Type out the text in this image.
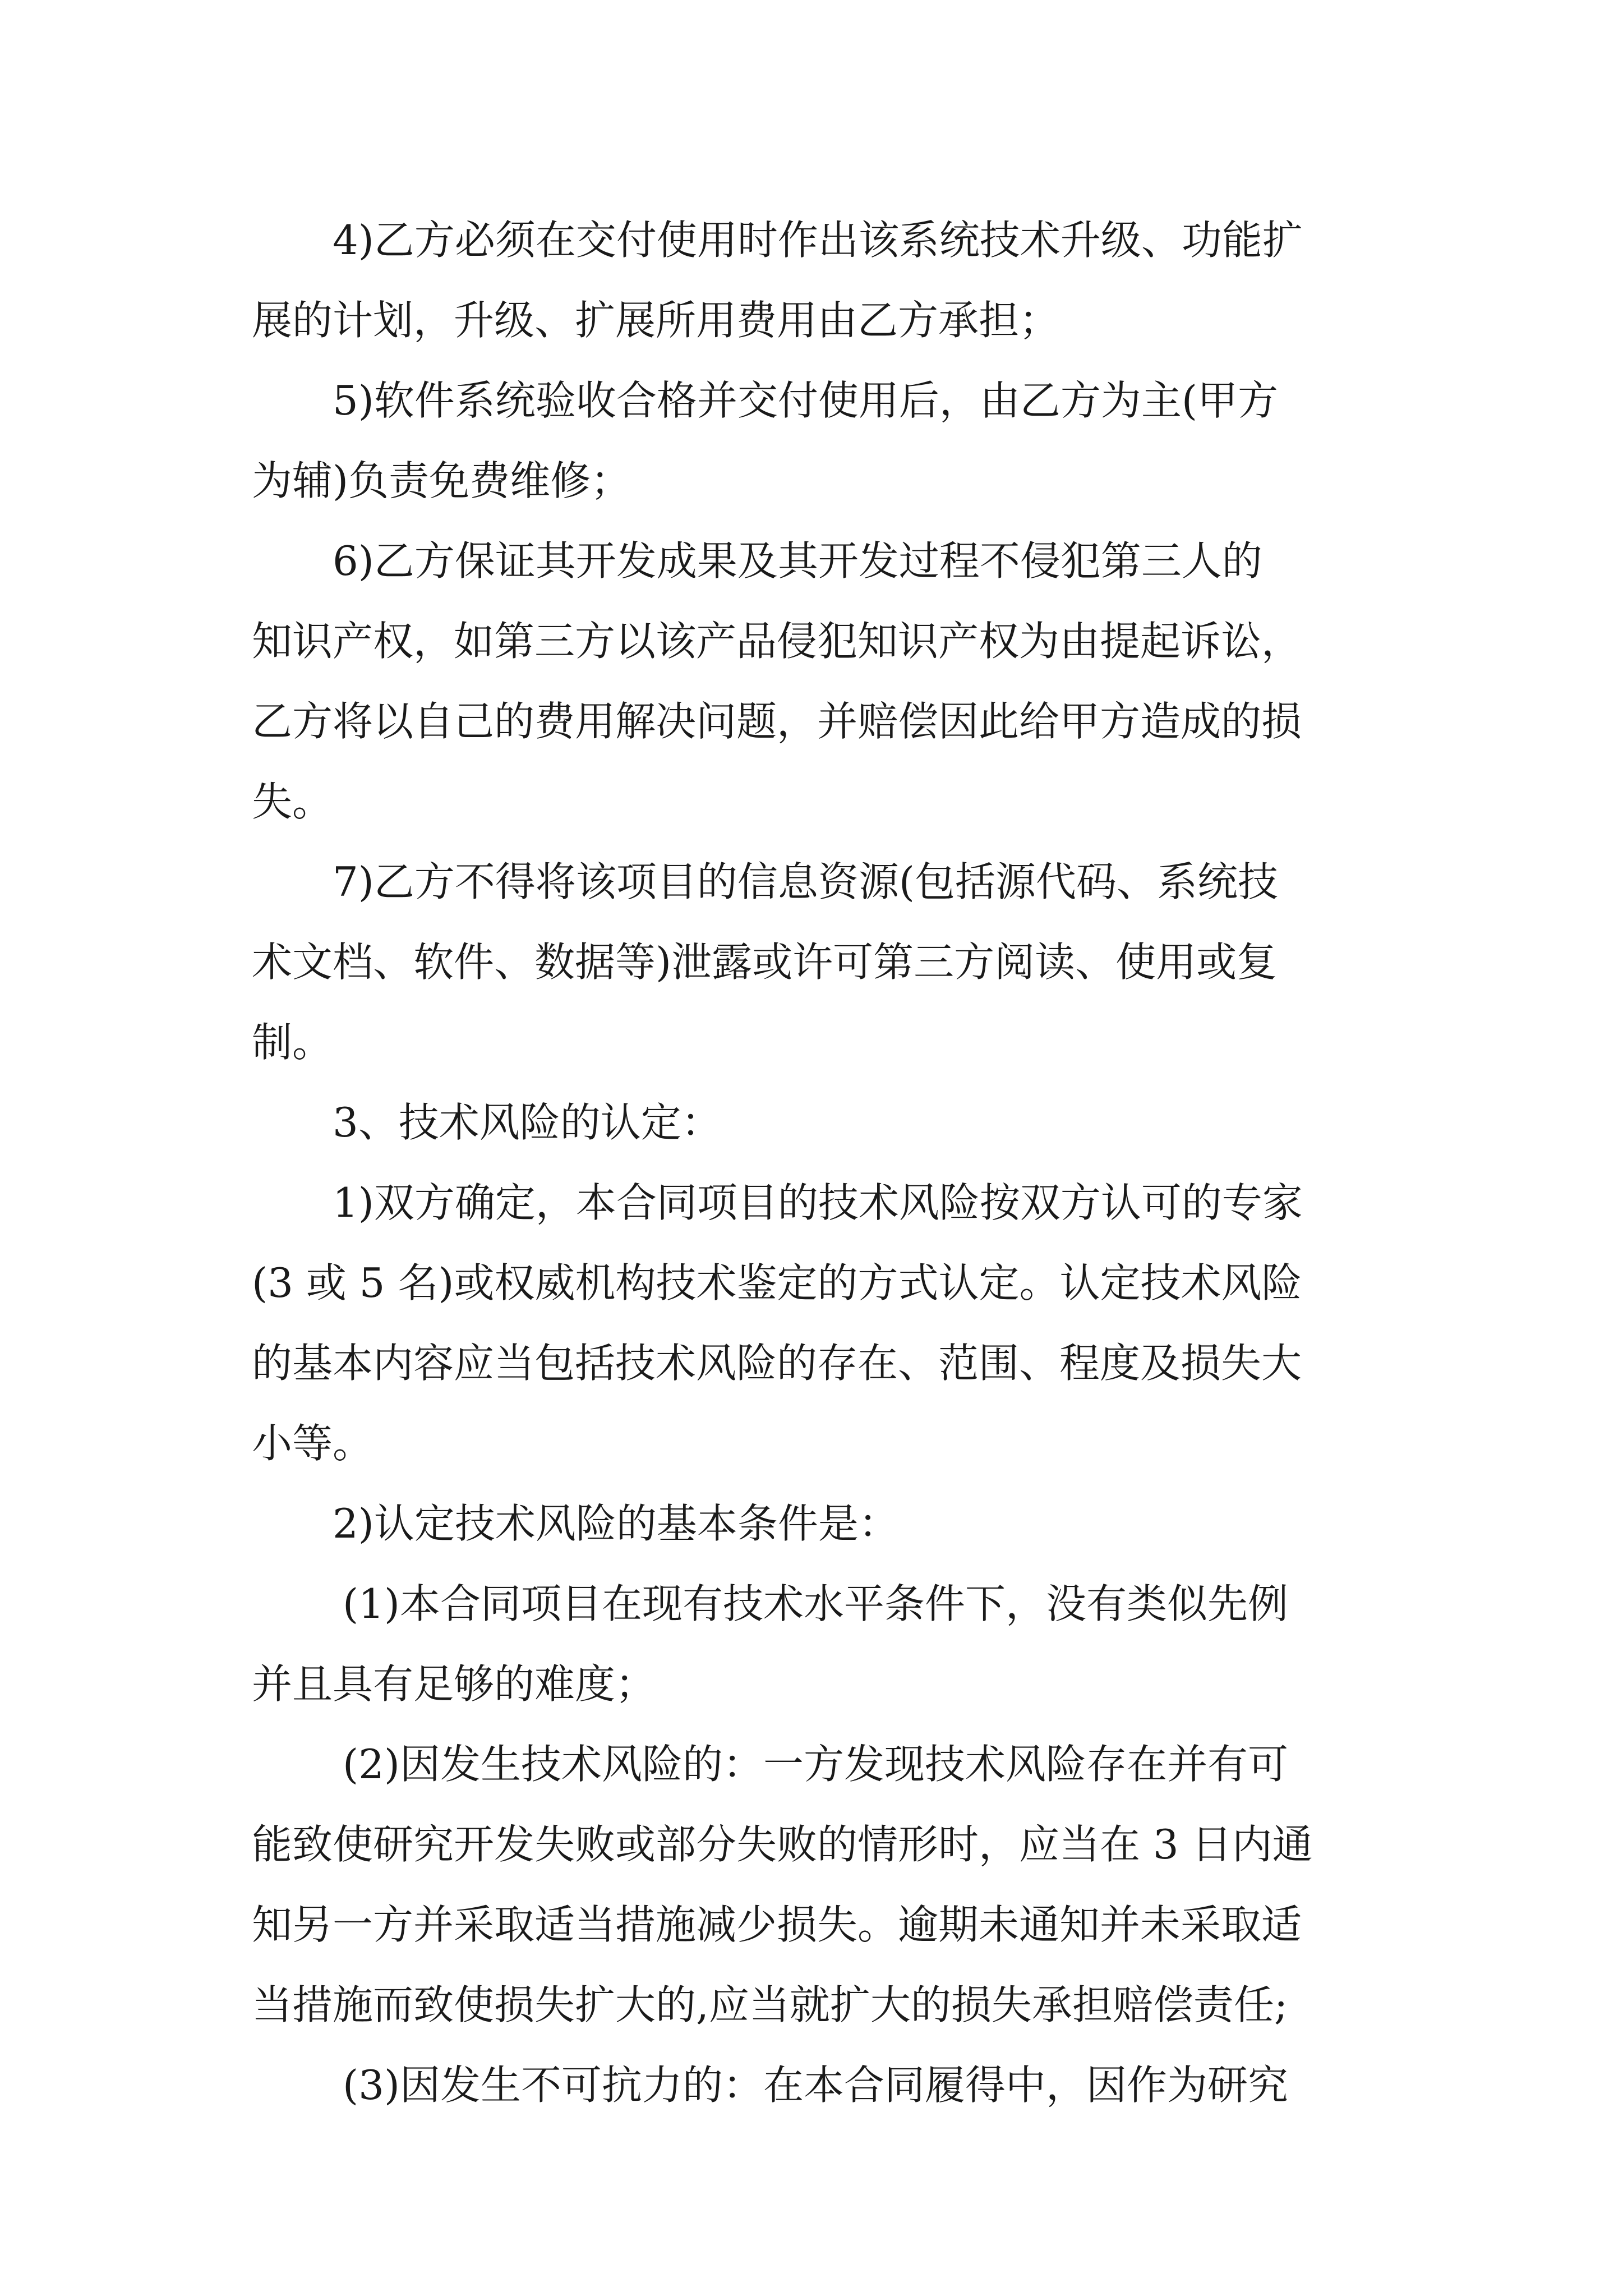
4)乙方必须在交付使用时作出该系统技术升级、功能扩

展的计划，升级、扩展所用费用由乙方承担；

5)软件系统验收合格并交付使用后，由乙方为主(甲方

为辅)负责免费维修；

6)乙方保证其开发成果及其开发过程不侵犯第三人的

知识产权，如第三方以该产品侵犯知识产权为由提起诉讼，

乙方将以自己的费用解决问题，并赔偿因此给甲方造成的损

失。

7)乙方不得将该项目的信息资源(包括源代码、系统技

术文档、软件、数据等)泄露或许可第三方阅读、使用或复

制。

3、技术风险的认定：

1)双方确定，本合同项目的技术风险按双方认可的专家

(3 或 5 名)或权威机构技术鉴定的方式认定。认定技术风险

的基本内容应当包括技术风险的存在、范围、程度及损失大

小等。

2)认定技术风险的基本条件是：

(1)本合同项目在现有技术水平条件下，没有类似先例

并且具有足够的难度；

(2)因发生技术风险的：一方发现技术风险存在并有可

能致使研究开发失败或部分失败的情形时，应当在 3 日内通

知另一方并采取适当措施减少损失。逾期未通知并未采取适

当措施而致使损失扩大的,应当就扩大的损失承担赔偿责任;

(3)因发生不可抗力的：在本合同履得中，因作为研究
